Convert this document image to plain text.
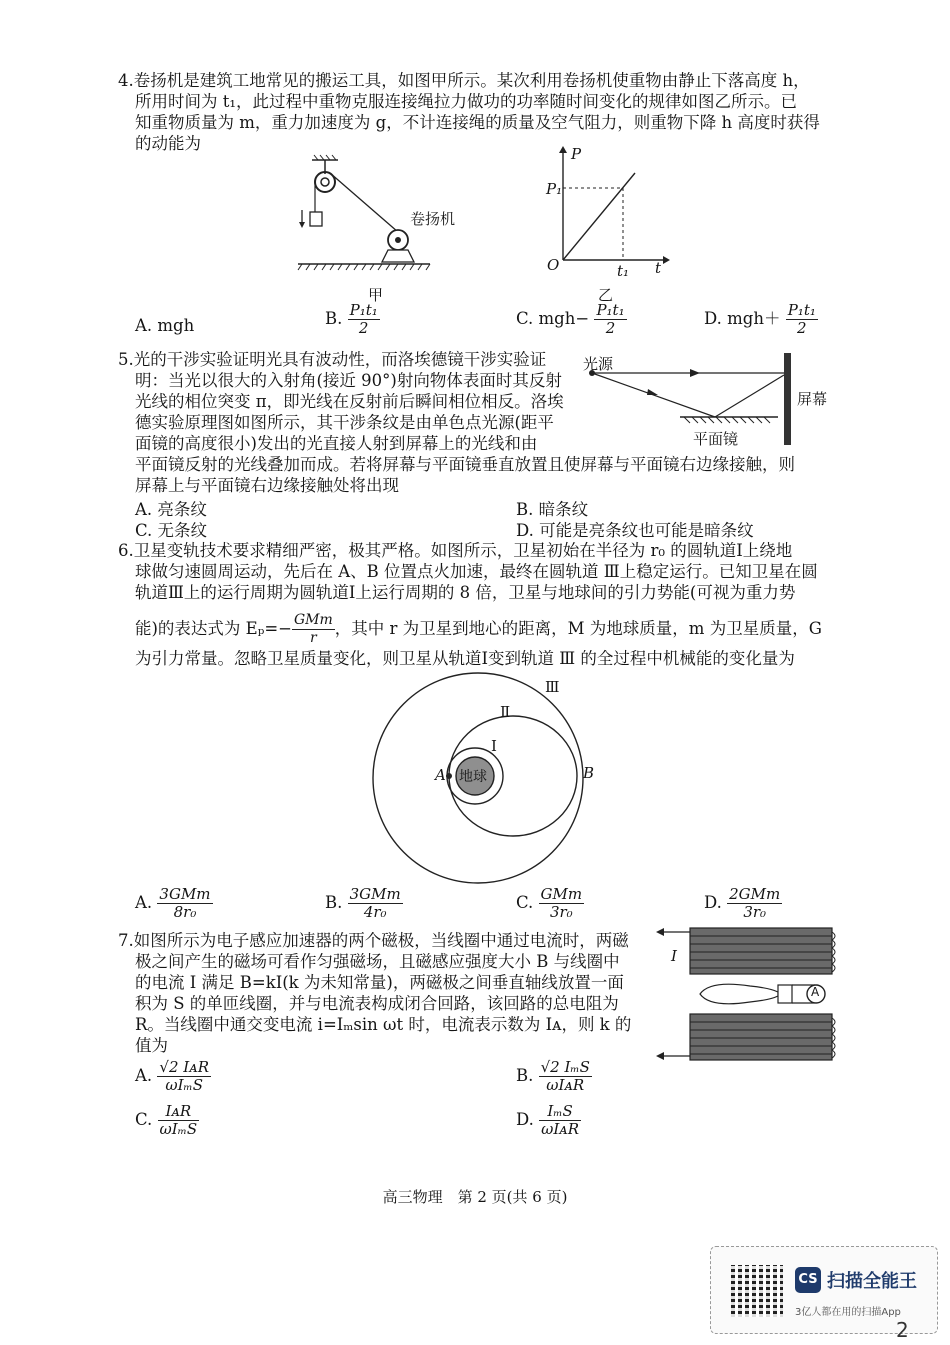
4.卷扬机是建筑工地常见的搬运工具，如图甲所示。某次利用卷扬机使重物由静止下落高度 h，
所用时间为 t₁，此过程中重物克服连接绳拉力做功的功率随时间变化的规律如图乙所示。已
知重物质量为 m，重力加速度为 g，不计连接绳的质量及空气阻力，则重物下降 h 高度时获得
的动能为
卷扬机
甲
P
P₁
O	t₁ t
乙
A. mgh	B. $\frac{\text{P₁t₁}}{2}$	C. $mgh- \frac{\text{P₁t₁}}{2}$	D. $mgh+ \frac{\text{P₁t₁}}{2}$
5.光的干涉实验证明光具有波动性，而洛埃德镜干涉实验证
明：当光以很大的入射角(接近 90°)射向物体表面时其反射
光线的相位突变 π，即光线在反射前后瞬间相位相反。洛埃
德实验原理图如图所示，其干涉条纹是由单色点光源(距平
面镜的高度很小)发出的光直接人射到屏幕上的光线和由
平面镜反射的光线叠加而成。若将屏幕与平面镜垂直放置且使屏幕与平面镜右边缘接触，则
屏幕上与平面镜右边缘接触处将出现
光源
屏幕
平面镜
A. 亮条纹	B. 暗条纹
C. 无条纹	D. 可能是亮条纹也可能是暗条纹
6.卫星变轨技术要求精细严密，极其严格。如图所示，卫星初始在半径为 r₀ 的圆轨道Ⅰ上绕地
球做匀速圆周运动，先后在 A、B 位置点火加速，最终在圆轨道 Ⅲ上稳定运行。已知卫星在圆
轨道Ⅲ上的运行周期为圆轨道Ⅰ上运行周期的 8 倍，卫星与地球间的引力势能(可视为重力势
能)的表达式为 $E_p=- \frac{\text{GMm}}{r}$ ，其中 r 为卫星到地心的距离，M 为地球质量，m 为卫星质量，G
为引力常量。忽略卫星质量变化，则卫星从轨道Ⅰ变到轨道 Ⅲ 的全过程中机械能的变化量为
Ⅲ
Ⅱ
Ⅰ
A	B
地球
A. $\frac{\text{3GMm}}{\text{8r₀}}$	B. $\frac{\text{3GMm}}{\text{4r₀}}$	C. $\frac{\text{GMm}}{\text{3r₀}}$	D. $\frac{\text{2GMm}}{\text{3r₀}}$
7.如图所示为电子感应加速器的两个磁极，当线圈中通过电流时，两磁
极之间产生的磁场可看作匀强磁场，且磁感应强度大小 B 与线圈中
的电流 I 满足 B=kI(k 为未知常量)，两磁极之间垂直轴线放置一面
积为 S 的单匝线圈，并与电流表构成闭合回路，该回路的总电阻为
R。当线圈中通交变电流 i=Iₘsin ωt 时，电流表示数为 Iᴀ，则 k 的
值为
I
A
A. $\frac{\text{√2 IᴀR}}{\text{ωIₘS}}$	B. $\frac{\text{√2 IₘS}}{\text{ωIᴀR}}$
C. $\frac{\text{IᴀR}}{\text{ωIₘS}}$	D. $\frac{\text{IₘS}}{\text{ωIᴀR}}$
高三物理　第 2 页(共 6 页)
CS 扫描全能王
3亿人都在用的扫描App
2
